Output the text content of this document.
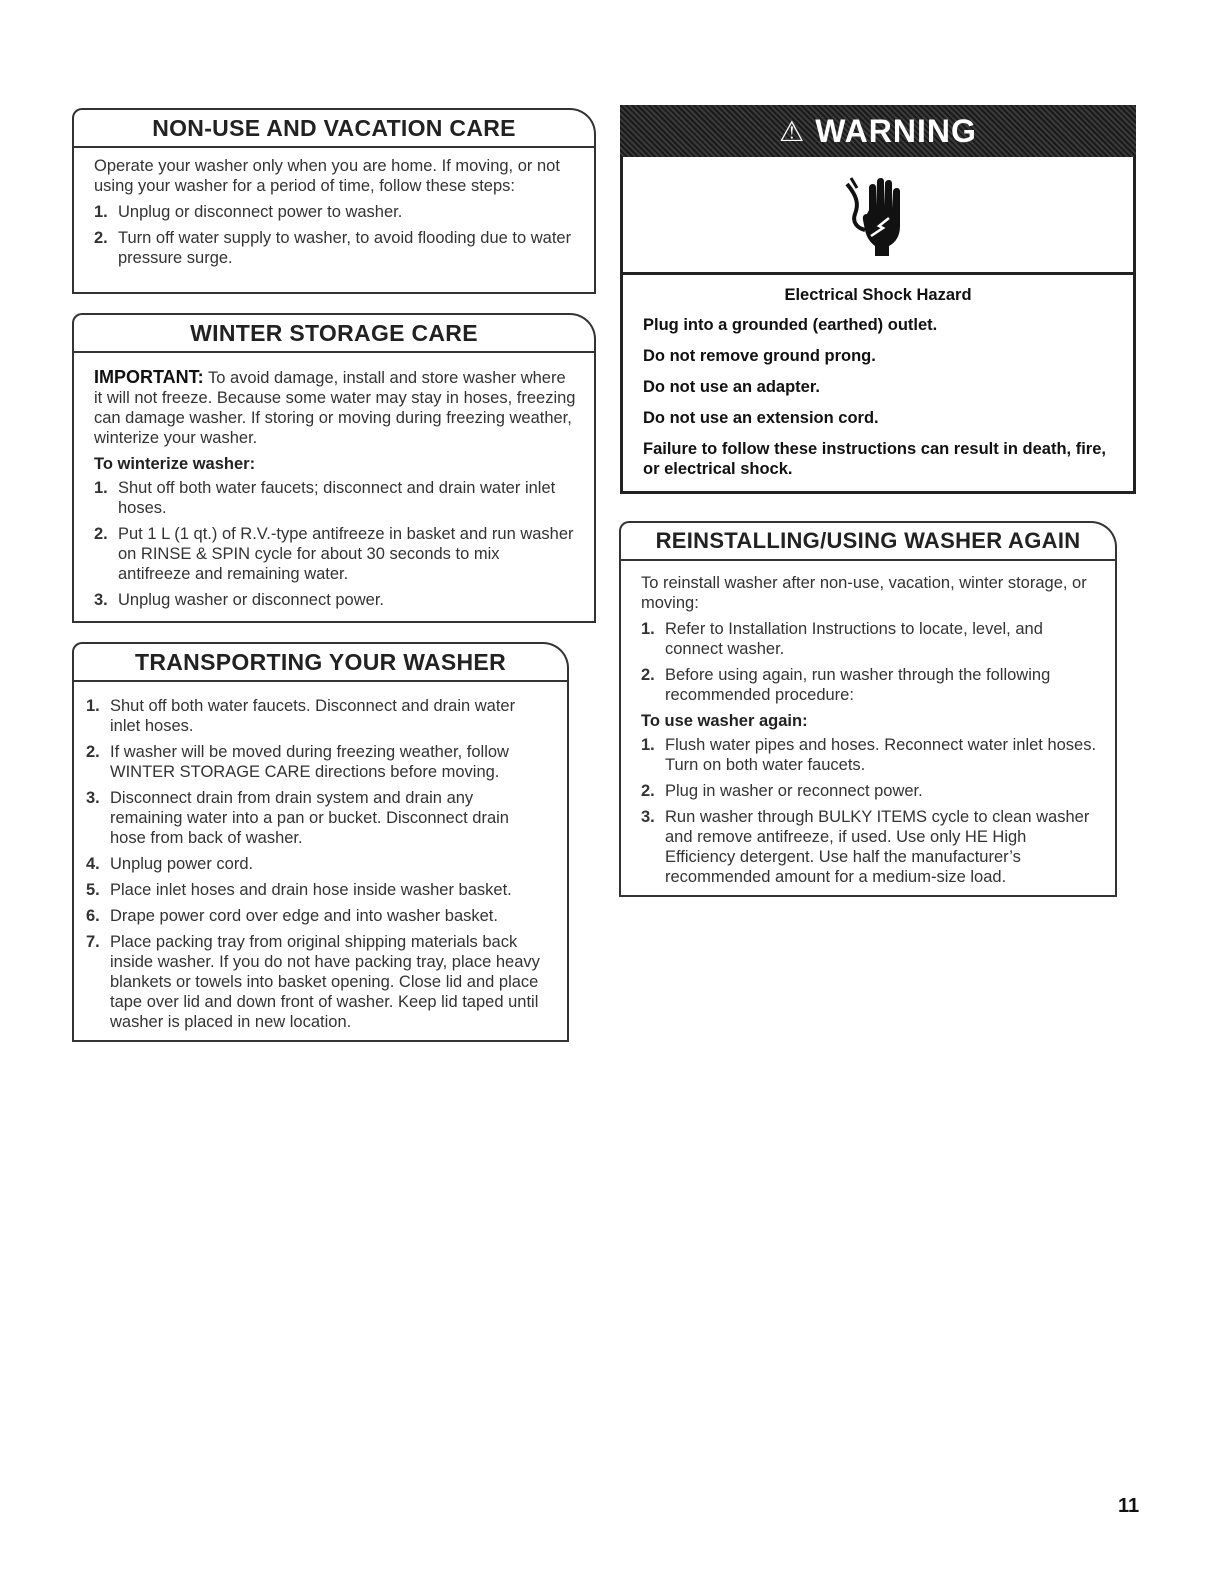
NON-USE AND VACATION CARE

Operate your washer only when you are home. If moving, or not using your washer for a period of time, follow these steps:

1. Unplug or disconnect power to washer.
2. Turn off water supply to washer, to avoid flooding due to water pressure surge.
WINTER STORAGE CARE

IMPORTANT: To avoid damage, install and store washer where it will not freeze. Because some water may stay in hoses, freezing can damage washer. If storing or moving during freezing weather, winterize your washer.

To winterize washer:
1. Shut off both water faucets; disconnect and drain water inlet hoses.
2. Put 1 L (1 qt.) of R.V.-type antifreeze in basket and run washer on RINSE & SPIN cycle for about 30 seconds to mix antifreeze and remaining water.
3. Unplug washer or disconnect power.
TRANSPORTING YOUR WASHER
1. Shut off both water faucets. Disconnect and drain water inlet hoses.
2. If washer will be moved during freezing weather, follow WINTER STORAGE CARE directions before moving.
3. Disconnect drain from drain system and drain any remaining water into a pan or bucket. Disconnect drain hose from back of washer.
4. Unplug power cord.
5. Place inlet hoses and drain hose inside washer basket.
6. Drape power cord over edge and into washer basket.
7. Place packing tray from original shipping materials back inside washer. If you do not have packing tray, place heavy blankets or towels into basket opening. Close lid and place tape over lid and down front of washer. Keep lid taped until washer is placed in new location.
⚠ WARNING
Electrical Shock Hazard

Plug into a grounded (earthed) outlet.

Do not remove ground prong.

Do not use an adapter.

Do not use an extension cord.

Failure to follow these instructions can result in death, fire, or electrical shock.

REINSTALLING/USING WASHER AGAIN

To reinstall washer after non-use, vacation, winter storage, or moving:

1. Refer to Installation Instructions to locate, level, and connect washer.
2. Before using again, run washer through the following recommended procedure:
To use washer again:
1. Flush water pipes and hoses. Reconnect water inlet hoses. Turn on both water faucets.
2. Plug in washer or reconnect power.
3. Run washer through BULKY ITEMS cycle to clean washer and remove antifreeze, if used. Use only HE High Efficiency detergent. Use half the manufacturer’s recommended amount for a medium-size load.
11
